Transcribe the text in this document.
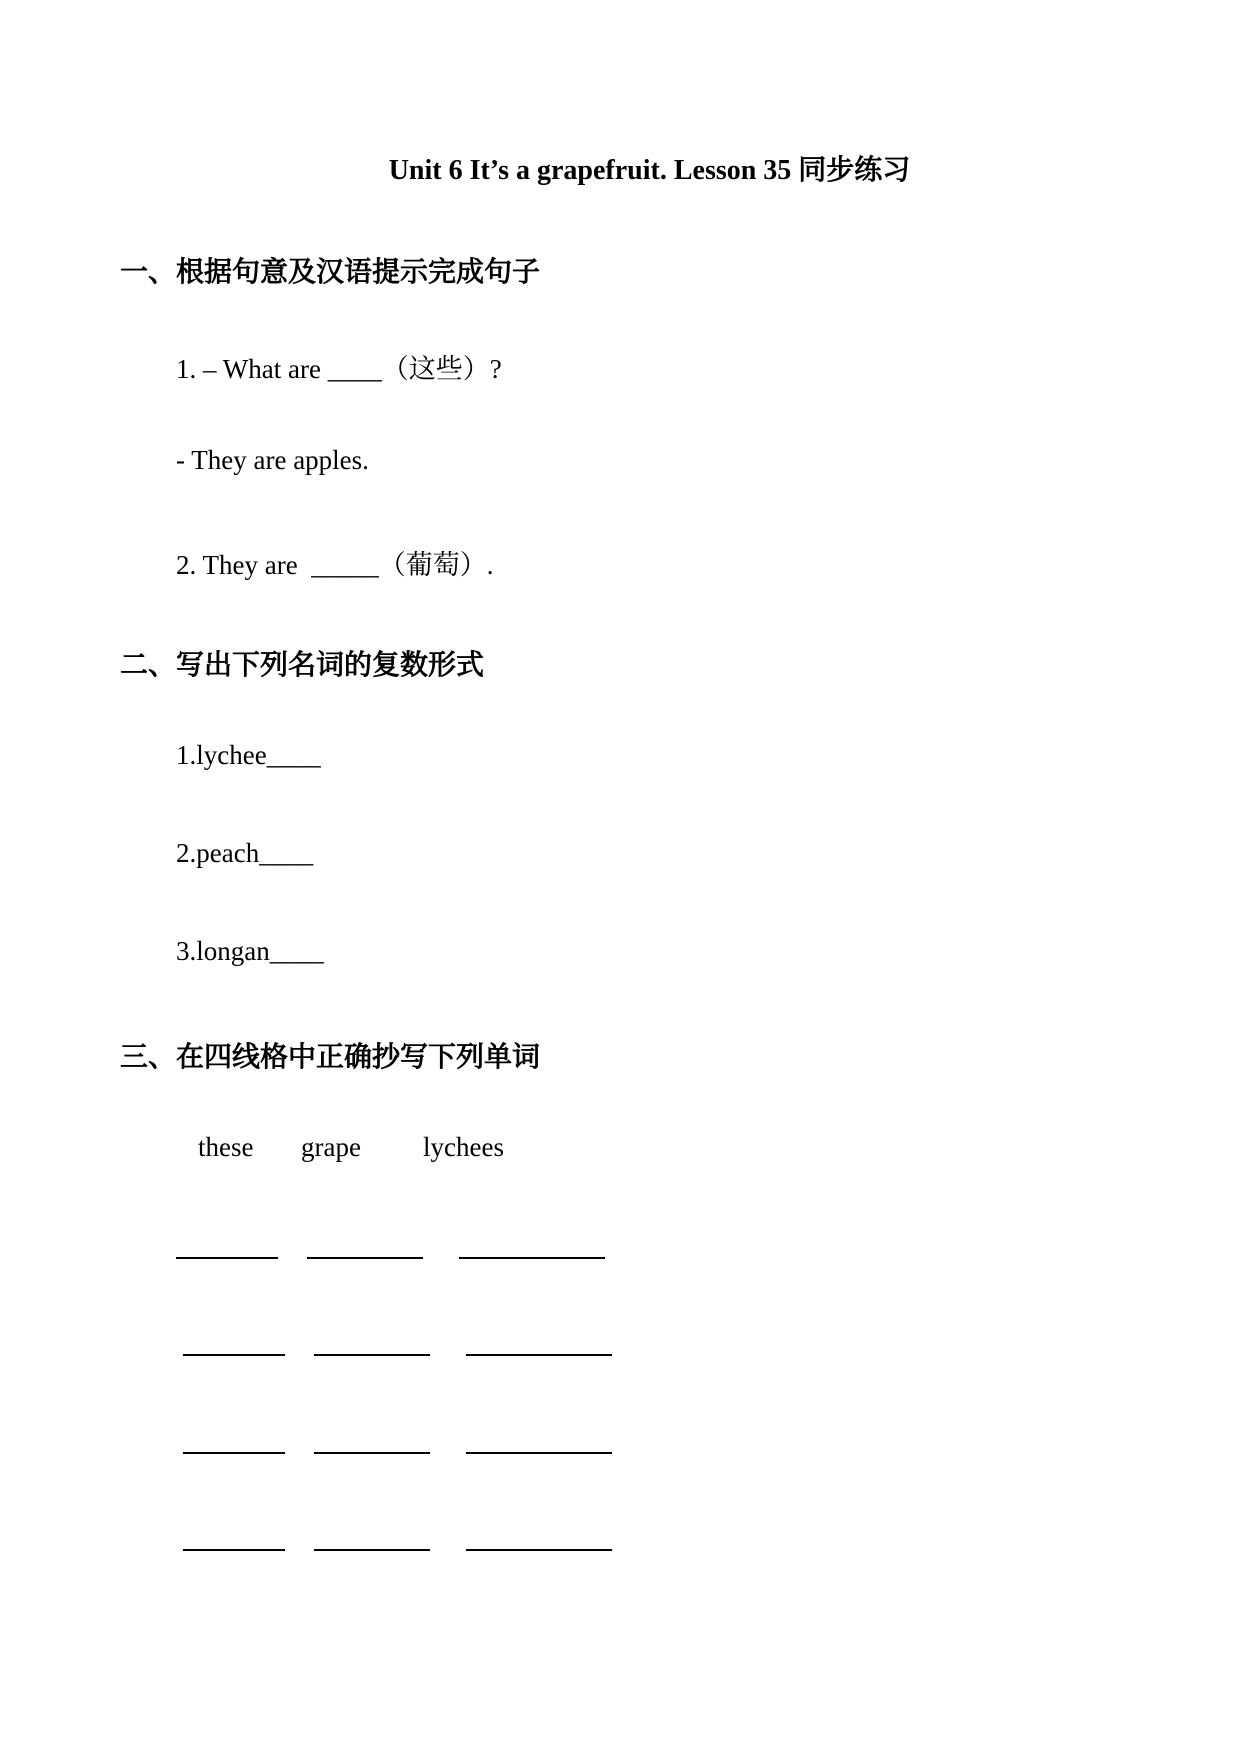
Unit 6 It’s a grapefruit. Lesson 35 同步练习
一、根据句意及汉语提示完成句子
1. – What are ____（这些）?
- They are apples.
2. They are  _____（葡萄）.
二、写出下列名词的复数形式
1.lychee____
2.peach____
3.longan____
三、在四线格中正确抄写下列单词
these grape lychees
